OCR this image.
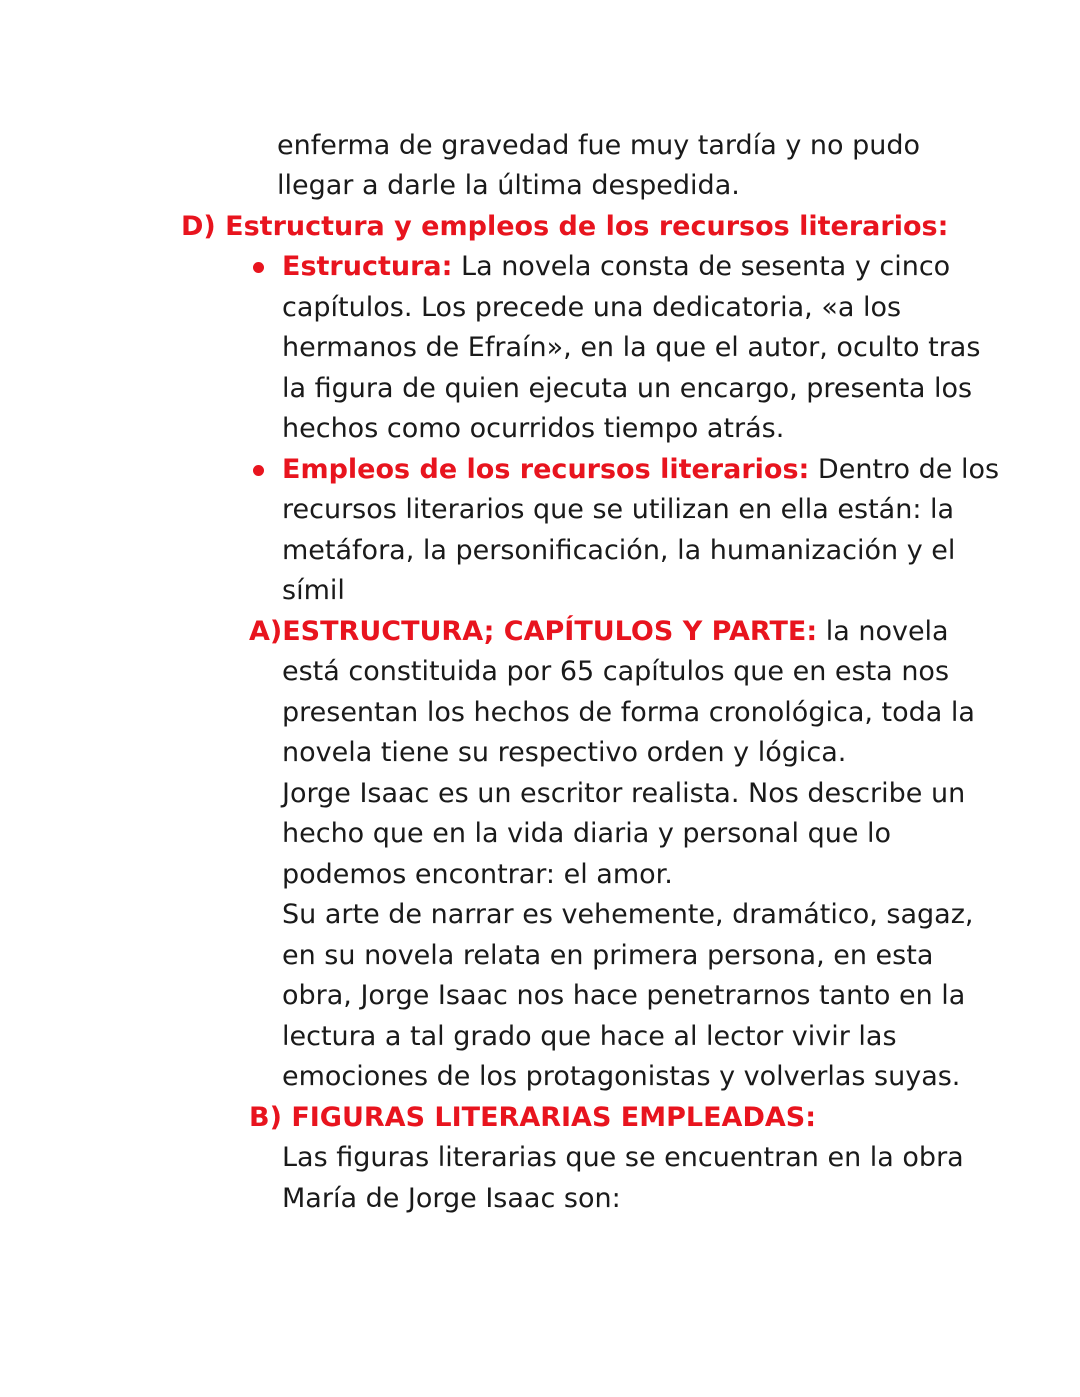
enferma de gravedad fue muy tardía y no pudo
llegar a darle la última despedida.
D) Estructura y empleos de los recursos literarios:
Estructura: La novela consta de sesenta y cinco
capítulos. Los precede una dedicatoria, «a los
hermanos de Efraín», en la que el autor, oculto tras
la figura de quien ejecuta un encargo, presenta los
hechos como ocurridos tiempo atrás.
Empleos de los recursos literarios: Dentro de los
recursos literarios que se utilizan en ella están: la
metáfora, la personificación, la humanización y el
símil
A)ESTRUCTURA; CAPÍTULOS Y PARTE: la novela
está constituida por 65 capítulos que en esta nos
presentan los hechos de forma cronológica, toda la
novela tiene su respectivo orden y lógica.
Jorge Isaac es un escritor realista. Nos describe un
hecho que en la vida diaria y personal que lo
podemos encontrar: el amor.
Su arte de narrar es vehemente, dramático, sagaz,
en su novela relata en primera persona, en esta
obra, Jorge Isaac nos hace penetrarnos tanto en la
lectura a tal grado que hace al lector vivir las
emociones de los protagonistas y volverlas suyas.
B) FIGURAS LITERARIAS EMPLEADAS:
Las figuras literarias que se encuentran en la obra
María de Jorge Isaac son:
